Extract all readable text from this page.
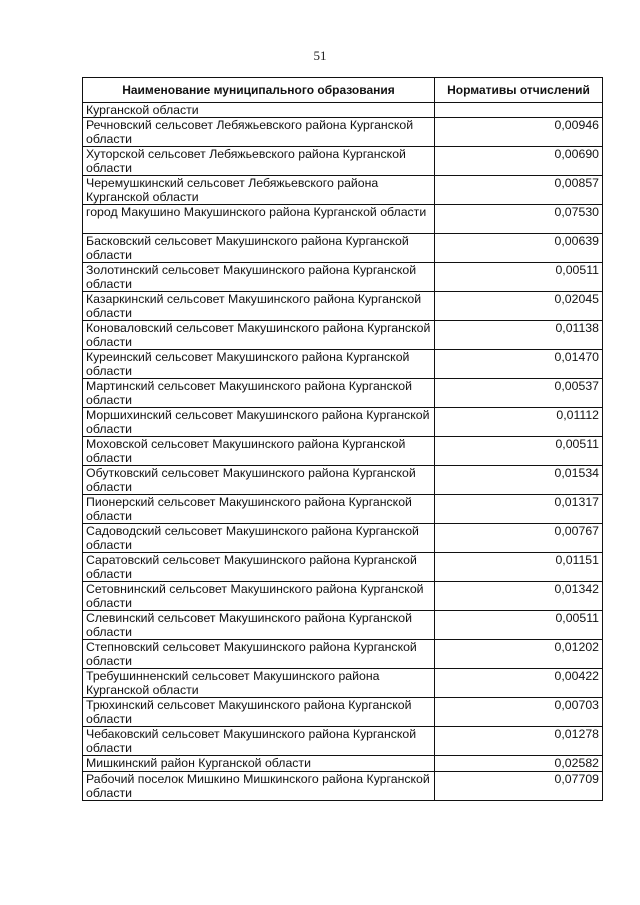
51
Наименование муниципального образования	Нормативы отчислений
Курганской области	
Речновский сельсовет Лебяжьевского района Курганской области	0,00946
Хуторской сельсовет Лебяжьевского района Курганской области	0,00690
Черемушкинский сельсовет Лебяжьевского района Курганской области	0,00857
город Макушино Макушинского района Курганской области	0,07530
Басковский сельсовет Макушинского района Курганской области	0,00639
Золотинский сельсовет Макушинского района Курганской области	0,00511
Казаркинский сельсовет Макушинского района Курганской области	0,02045
Коноваловский сельсовет Макушинского района Курганской области	0,01138
Куреинский сельсовет Макушинского района Курганской области	0,01470
Мартинский сельсовет Макушинского района Курганской области	0,00537
Моршихинский сельсовет Макушинского района Курганской области	0,01112
Моховской сельсовет Макушинского района Курганской области	0,00511
Обутковский сельсовет Макушинского района Курганской области	0,01534
Пионерский сельсовет Макушинского района Курганской области	0,01317
Садоводский сельсовет Макушинского района Курганской области	0,00767
Саратовский сельсовет Макушинского района Курганской области	0,01151
Сетовнинский сельсовет Макушинского района Курганской области	0,01342
Слевинский сельсовет Макушинского района Курганской области	0,00511
Степновский сельсовет Макушинского района Курганской области	0,01202
Требушинненский сельсовет Макушинского района Курганской области	0,00422
Трюхинский сельсовет Макушинского района Курганской области	0,00703
Чебаковский сельсовет Макушинского района Курганской области	0,01278
Мишкинский район Курганской области	0,02582
Рабочий поселок Мишкино Мишкинского района Курганской области	0,07709
